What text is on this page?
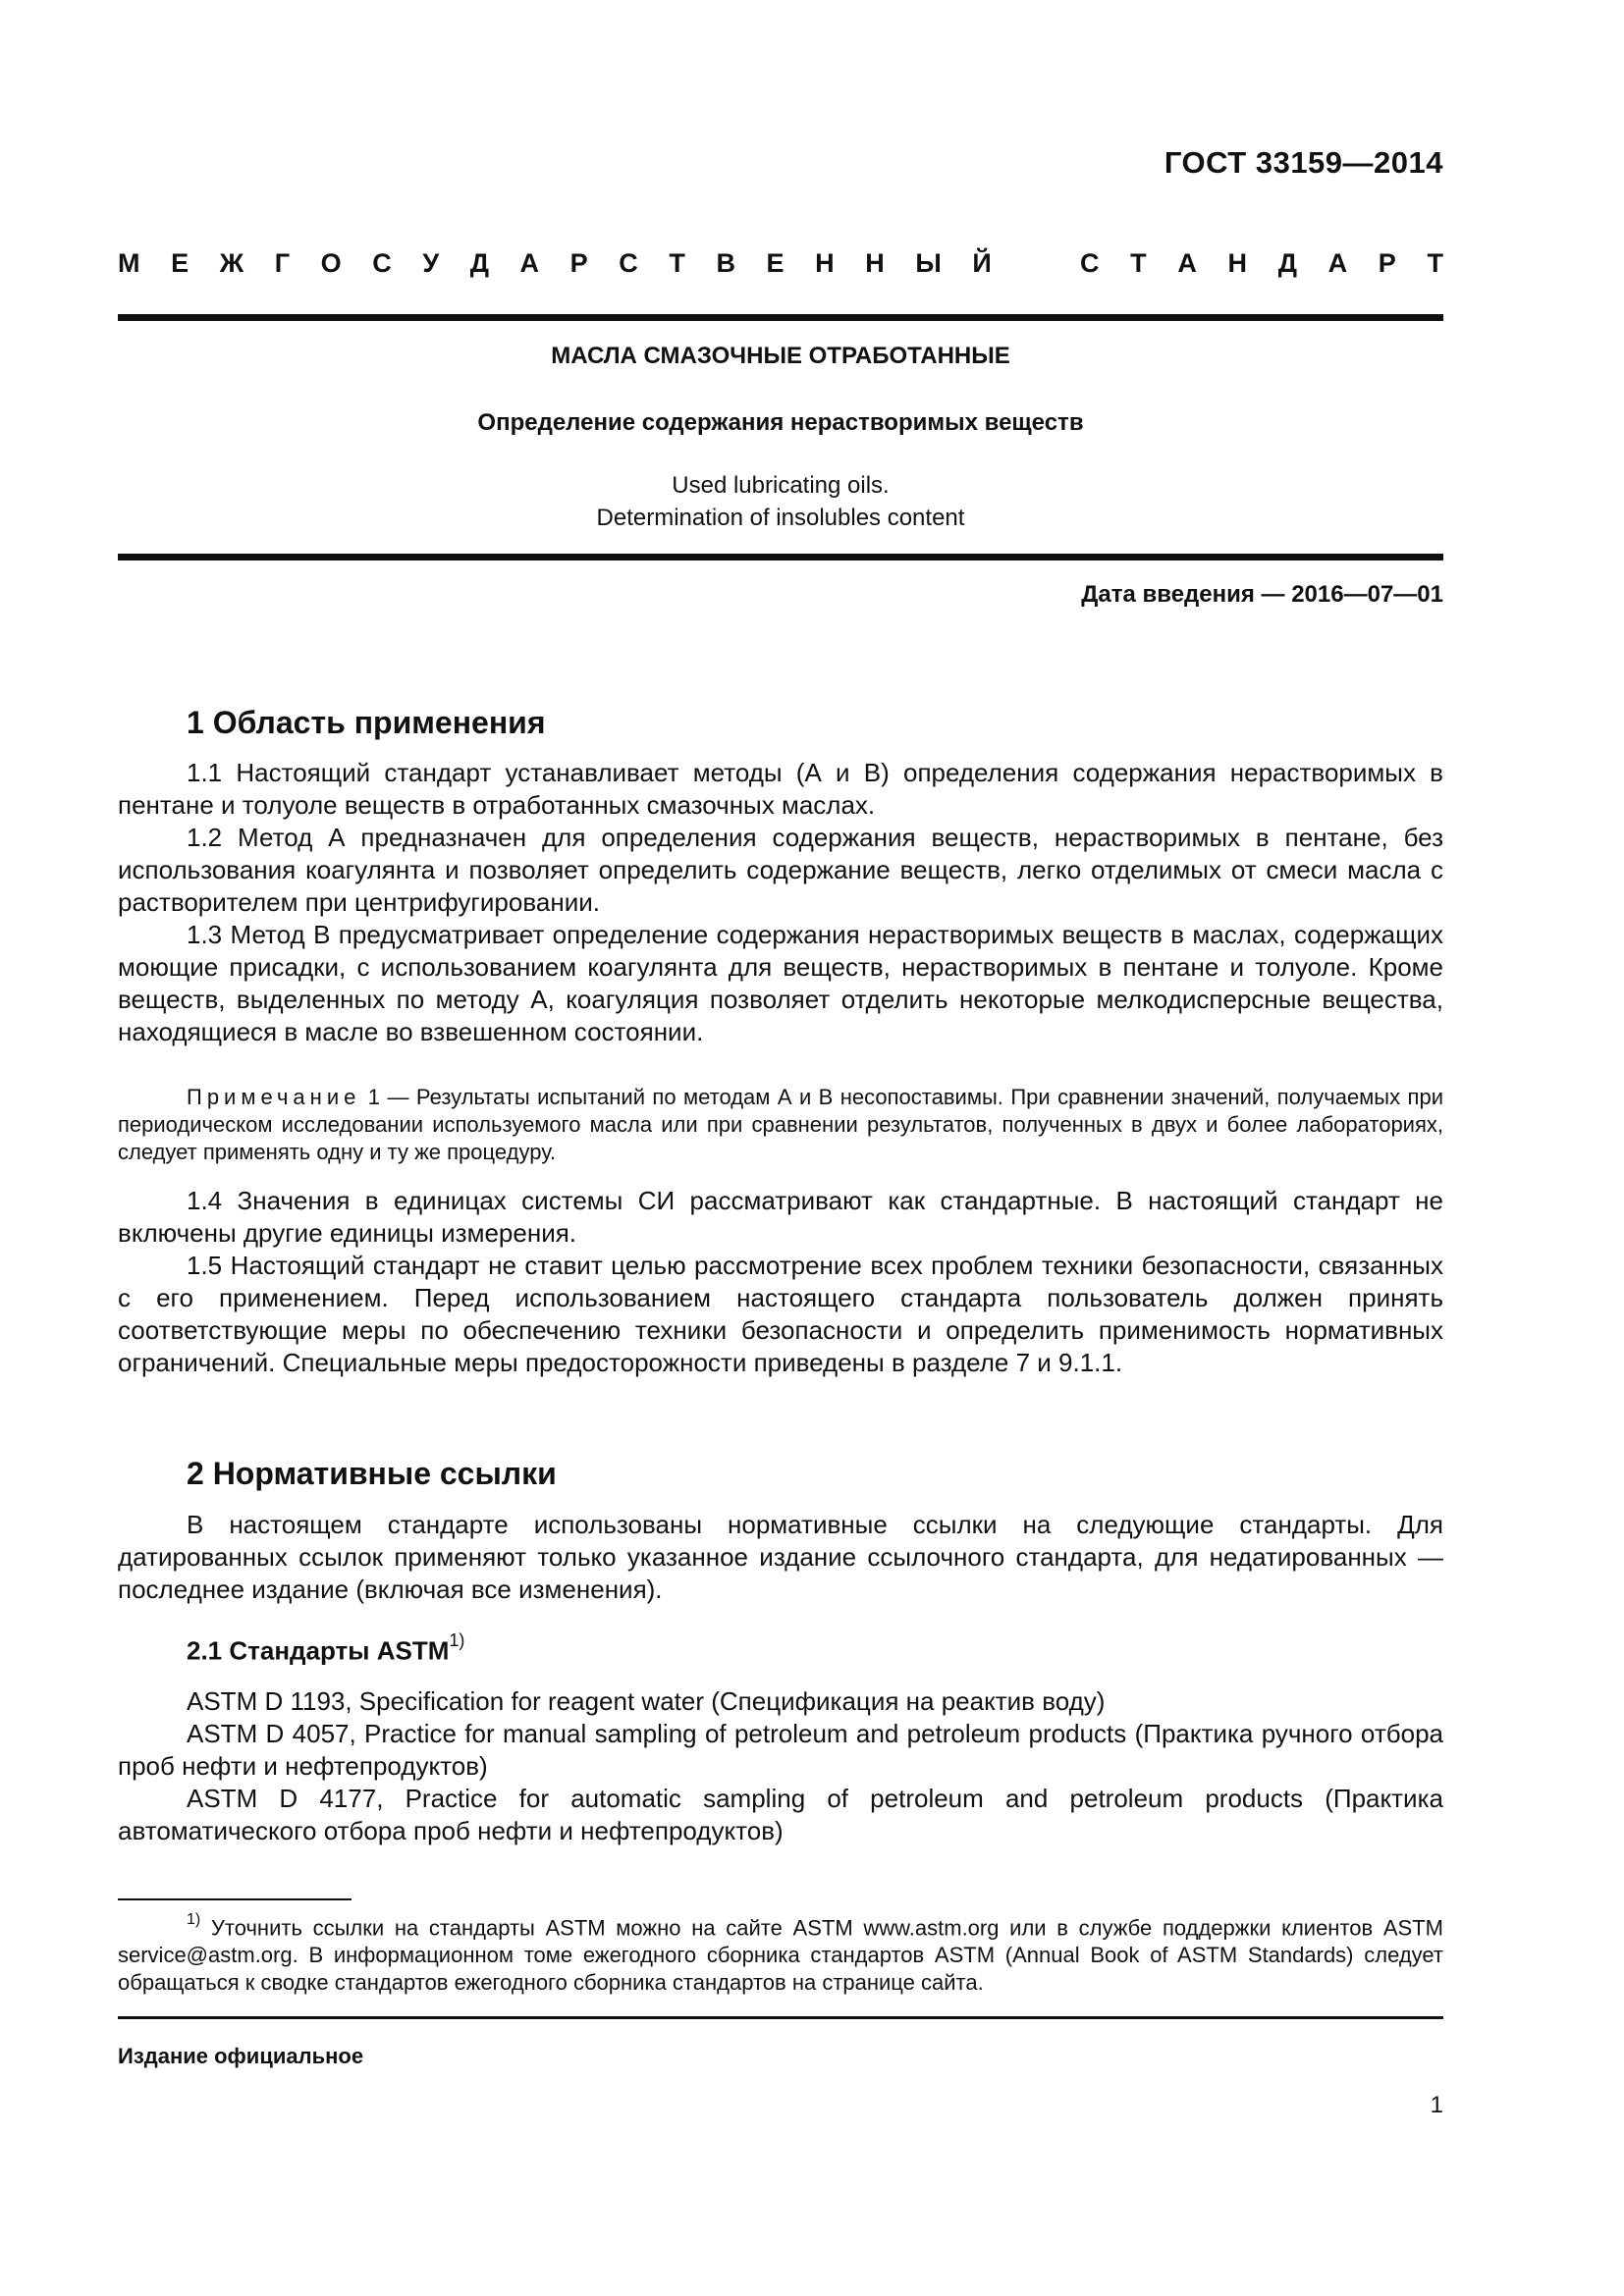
ГОСТ 33159—2014
М Е Ж Г О С У Д А Р С Т В Е Н Н Ы Й	С Т А Н Д А Р Т
МАСЛА СМАЗОЧНЫЕ ОТРАБОТАННЫЕ
Определение содержания нерастворимых веществ
Used lubricating oils.
Determination of insolubles content
Дата введения — 2016—07—01
1 Область применения

1.1 Настоящий стандарт устанавливает методы (А и В) определения содержания нерастворимых в пентане и толуоле веществ в отработанных смазочных маслах.

1.2 Метод А предназначен для определения содержания веществ, нерастворимых в пентане, без использования коагулянта и позволяет определить содержание веществ, легко отделимых от смеси масла с растворителем при центрифугировании.

1.3 Метод В предусматривает определение содержания нерастворимых веществ в маслах, содержащих моющие присадки, с использованием коагулянта для веществ, нерастворимых в пентане и толуоле. Кроме веществ, выделенных по методу А, коагуляция позволяет отделить некоторые мелкодисперсные вещества, находящиеся в масле во взвешенном состоянии.

Примечание 1 — Результаты испытаний по методам А и В несопоставимы. При сравнении значений, получаемых при периодическом исследовании используемого масла или при сравнении результатов, полученных в двух и более лабораториях, следует применять одну и ту же процедуру.

1.4 Значения в единицах системы СИ рассматривают как стандартные. В настоящий стандарт не включены другие единицы измерения.

1.5 Настоящий стандарт не ставит целью рассмотрение всех проблем техники безопасности, связанных с его применением. Перед использованием настоящего стандарта пользователь должен принять соответствующие меры по обеспечению техники безопасности и определить применимость нормативных ограничений. Специальные меры предосторожности приведены в разделе 7 и 9.1.1.

2 Нормативные ссылки

В настоящем стандарте использованы нормативные ссылки на следующие стандарты. Для датированных ссылок применяют только указанное издание ссылочного стандарта, для недатированных — последнее издание (включая все изменения).

2.1 Стандарты ASTM$^{1)}$

ASTM D 1193, Specification for reagent water (Спецификация на реактив воду)

ASTM D 4057, Practice for manual sampling of petroleum and petroleum products (Практика ручного отбора проб нефти и нефтепродуктов)

ASTM D 4177, Practice for automatic sampling of petroleum and petroleum products (Практика автоматического отбора проб нефти и нефтепродуктов)

$^{1)}$ Уточнить ссылки на стандарты ASTM можно на сайте ASTM www.astm.org или в службе поддержки клиентов ASTM service@astm.org. В информационном томе ежегодного сборника стандартов ASTM (Annual Book of ASTM Standards) следует обращаться к сводке стандартов ежегодного сборника стандартов на странице сайта.
Издание официальное
1
